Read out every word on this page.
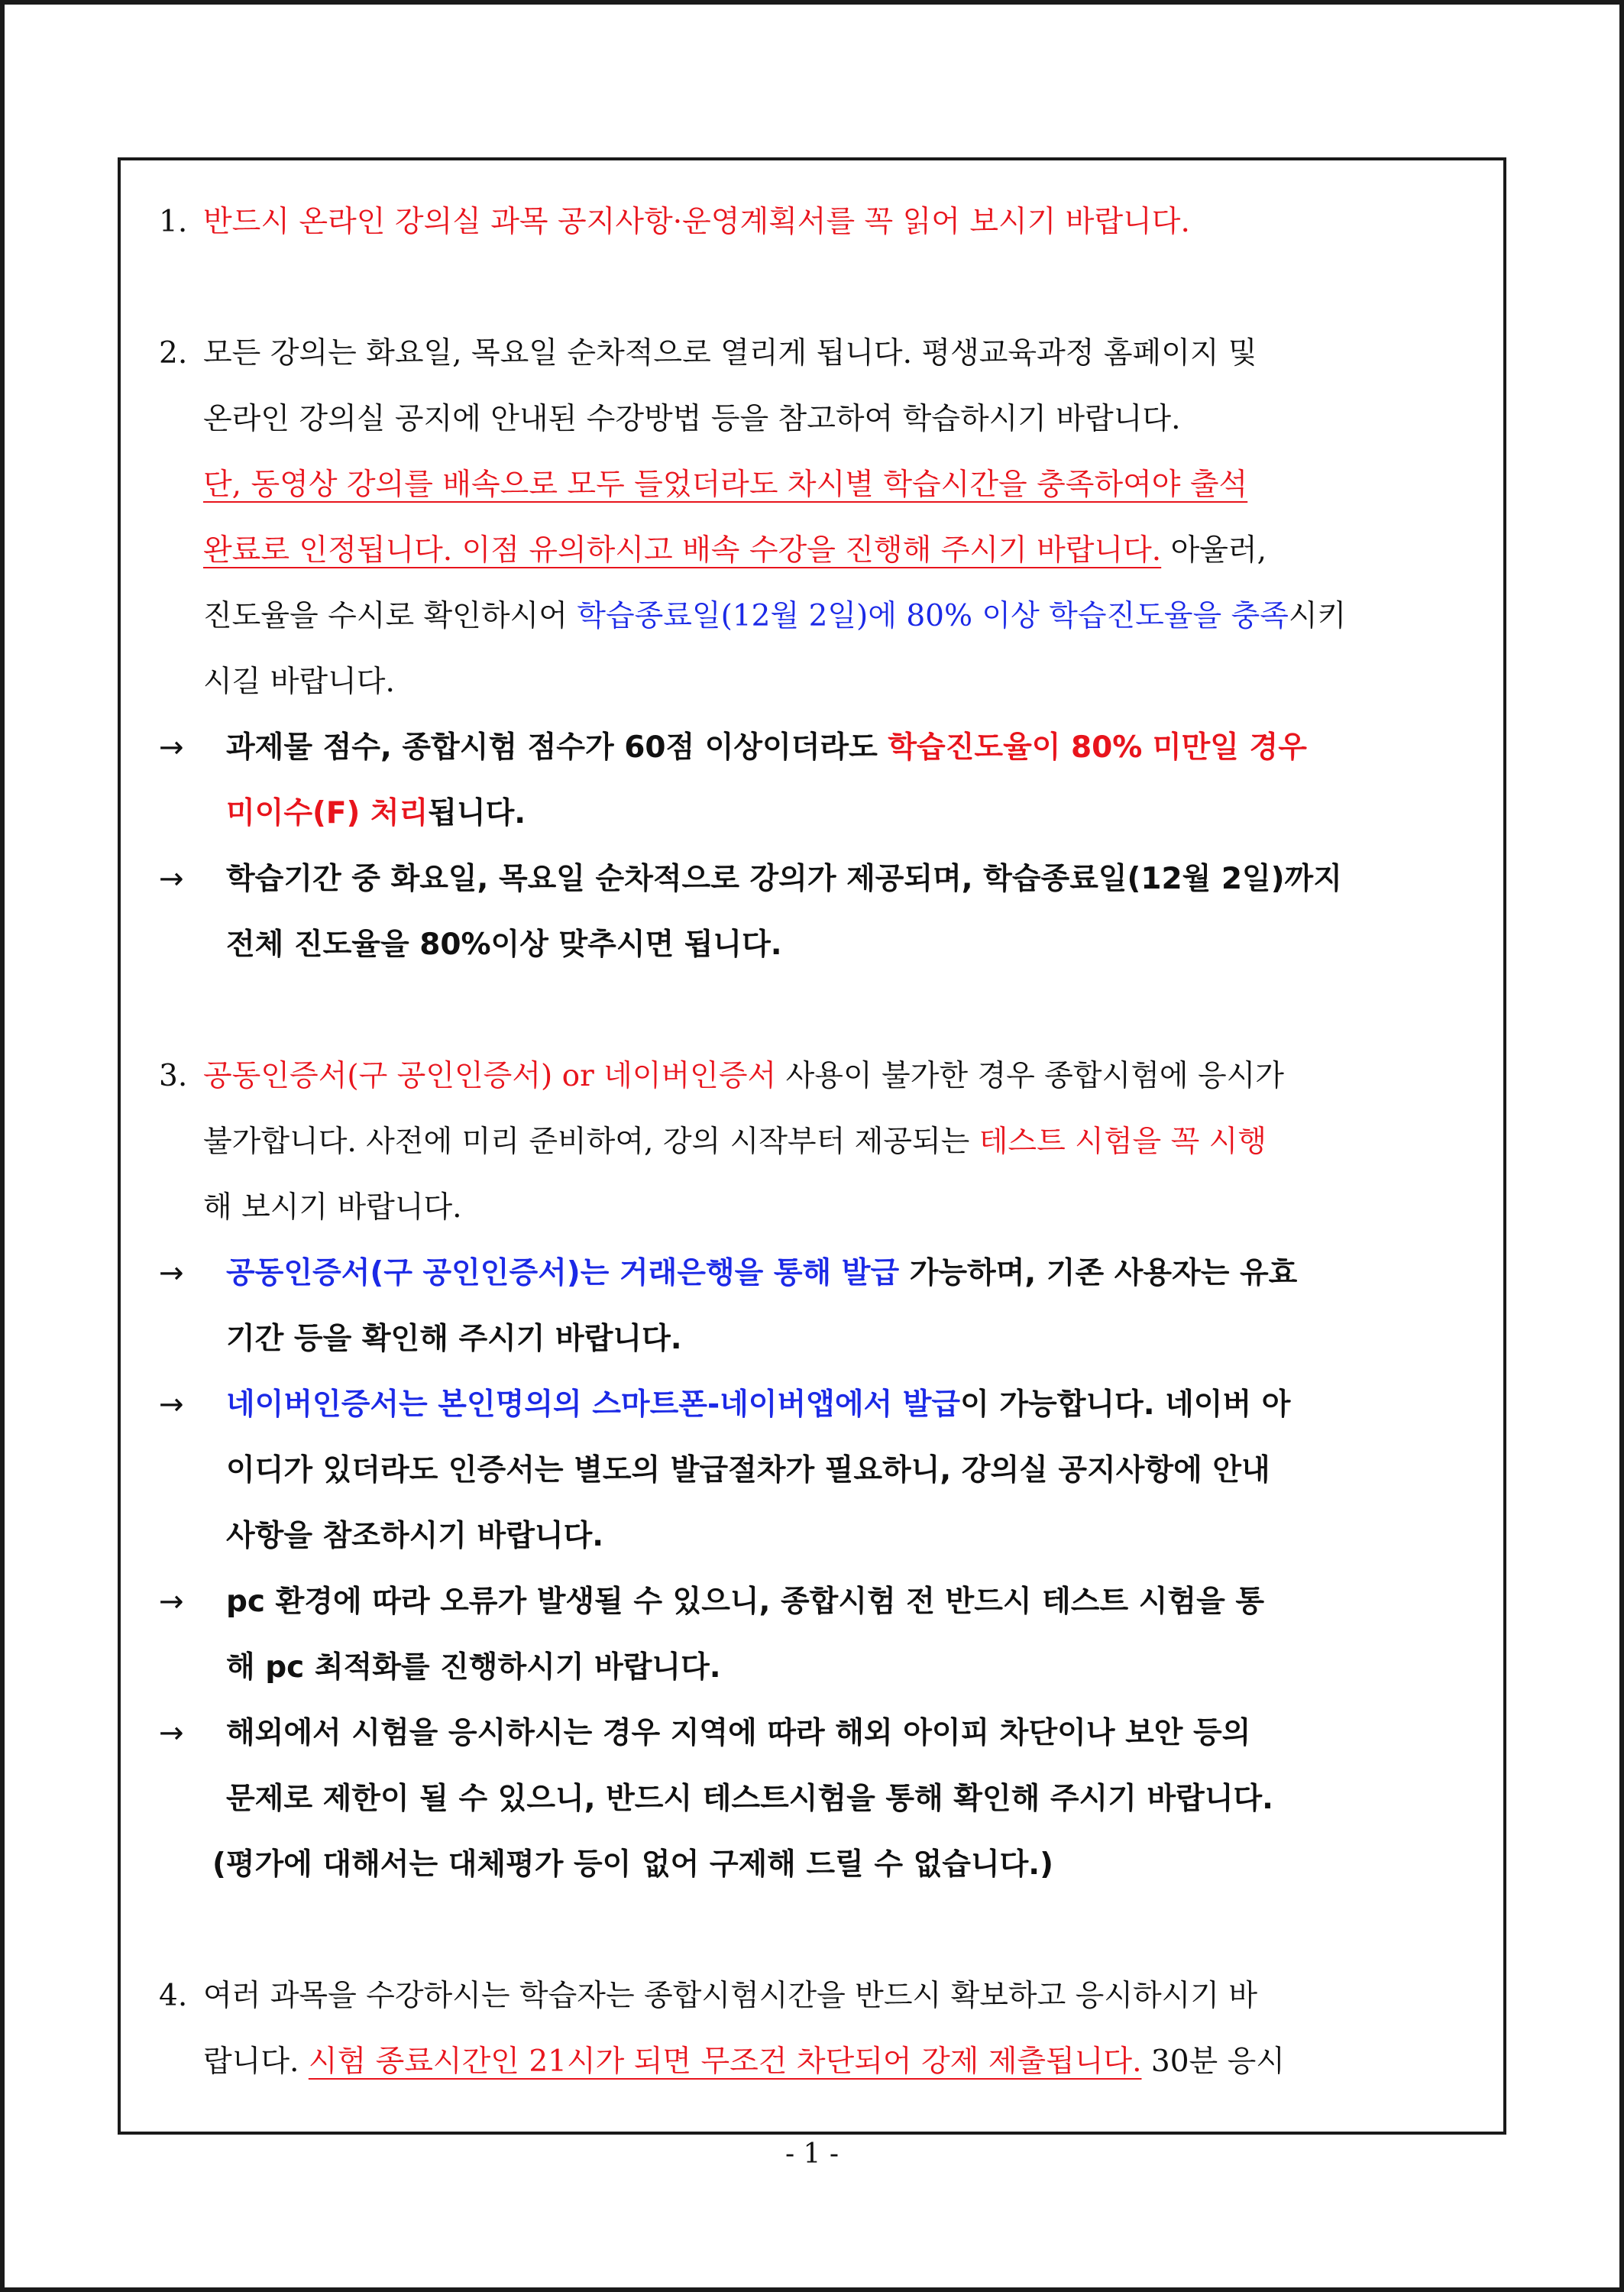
1. 반드시 온라인 강의실 과목 공지사항·운영계획서를 꼭 읽어 보시기 바랍니다.
2. 모든 강의는 화요일, 목요일 순차적으로 열리게 됩니다. 평생교육과정 홈페이지 및
온라인 강의실 공지에 안내된 수강방법 등을 참고하여 학습하시기 바랍니다.
단, 동영상 강의를 배속으로 모두 들었더라도 차시별 학습시간을 충족하여야 출석
완료로 인정됩니다. 이점 유의하시고 배속 수강을 진행해 주시기 바랍니다. 아울러,
진도율을 수시로 확인하시어 학습종료일(12월 2일)에 80% 이상 학습진도율을 충족시키
시길 바랍니다.
→ 과제물 점수, 종합시험 점수가 60점 이상이더라도 학습진도율이 80% 미만일 경우
미이수(F) 처리됩니다.
→ 학습기간 중 화요일, 목요일 순차적으로 강의가 제공되며, 학습종료일(12월 2일)까지
전체 진도율을 80%이상 맞추시면 됩니다.
3. 공동인증서(구 공인인증서) or 네이버인증서 사용이 불가한 경우 종합시험에 응시가
불가합니다. 사전에 미리 준비하여, 강의 시작부터 제공되는 테스트 시험을 꼭 시행
해 보시기 바랍니다.
→ 공동인증서(구 공인인증서)는 거래은행을 통해 발급 가능하며, 기존 사용자는 유효
기간 등을 확인해 주시기 바랍니다.
→ 네이버인증서는 본인명의의 스마트폰-네이버앱에서 발급이 가능합니다. 네이버 아
이디가 있더라도 인증서는 별도의 발급절차가 필요하니, 강의실 공지사항에 안내
사항을 참조하시기 바랍니다.
→ pc 환경에 따라 오류가 발생될 수 있으니, 종합시험 전 반드시 테스트 시험을 통
해 pc 최적화를 진행하시기 바랍니다.
→ 해외에서 시험을 응시하시는 경우 지역에 따라 해외 아이피 차단이나 보안 등의
문제로 제한이 될 수 있으니, 반드시 테스트시험을 통해 확인해 주시기 바랍니다.
(평가에 대해서는 대체평가 등이 없어 구제해 드릴 수 없습니다.)
4. 여러 과목을 수강하시는 학습자는 종합시험시간을 반드시 확보하고 응시하시기 바
랍니다. 시험 종료시간인 21시가 되면 무조건 차단되어 강제 제출됩니다. 30분 응시
- 1 -
